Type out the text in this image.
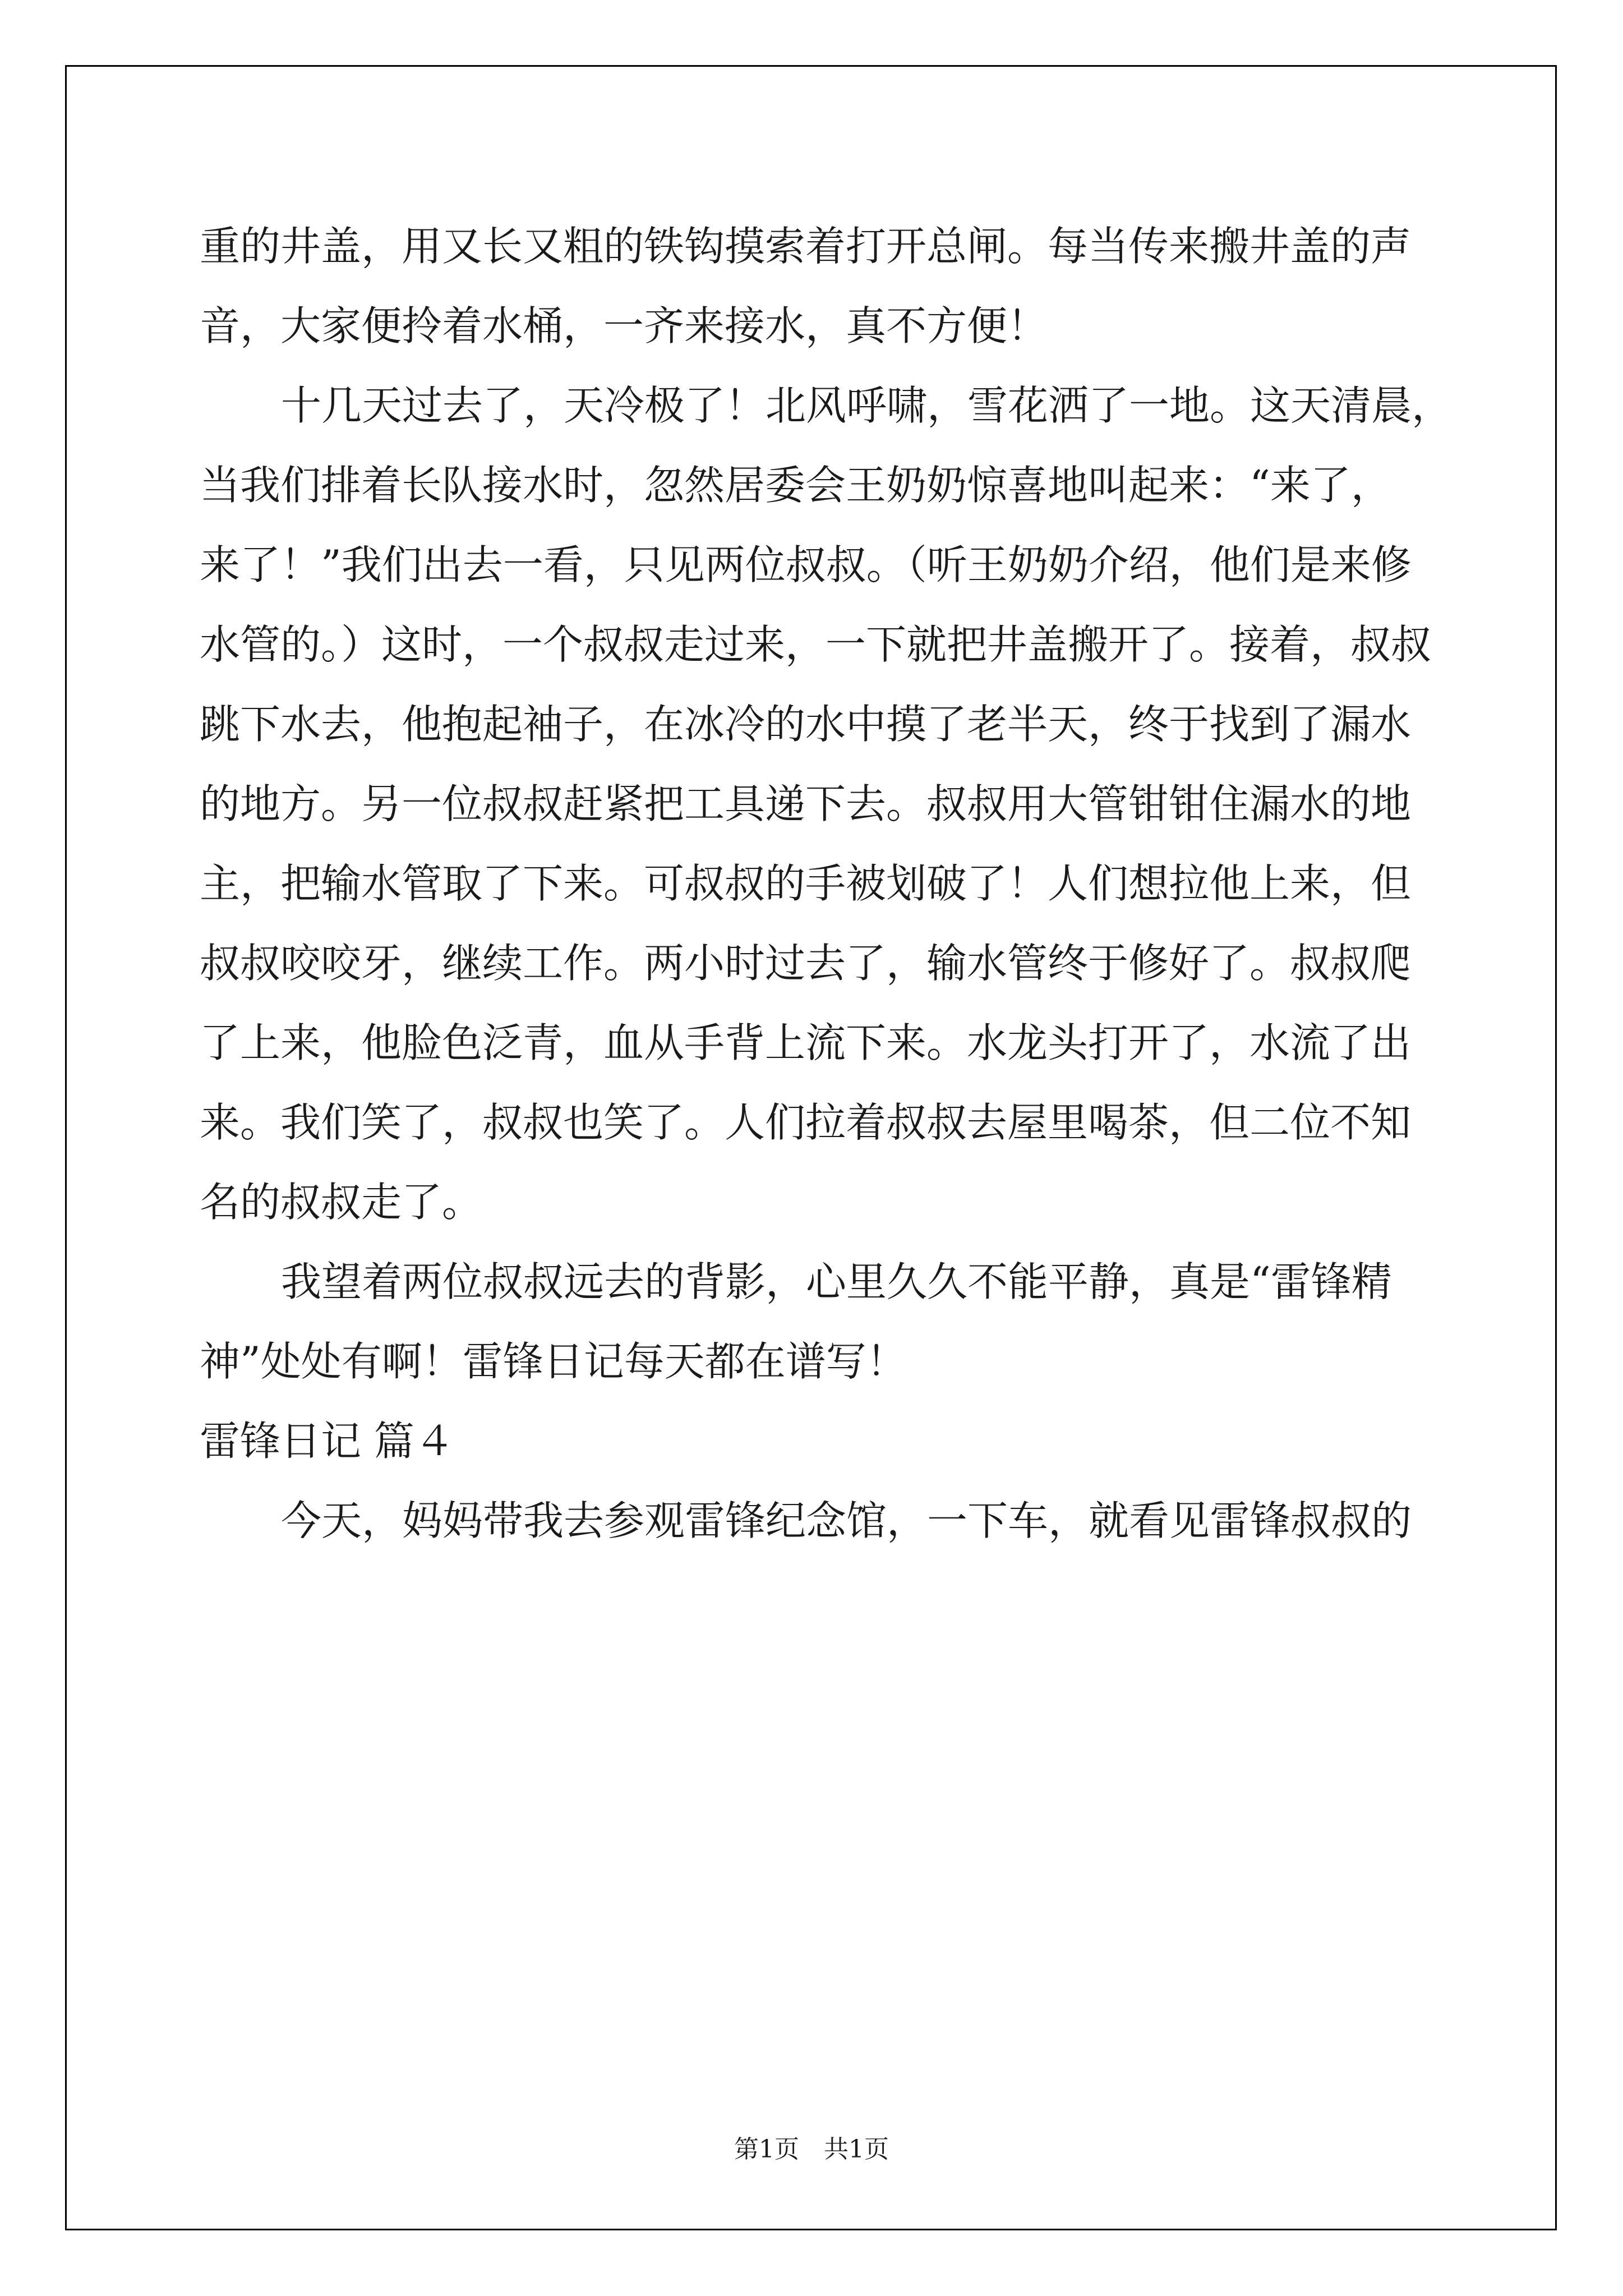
重的井盖，用又长又粗的铁钩摸索着打开总闸。每当传来搬井盖的声
音，大家便拎着水桶，一齐来接水，真不方便！
十几天过去了，天冷极了！北风呼啸，雪花洒了一地。这天清晨，
当我们排着长队接水时，忽然居委会王奶奶惊喜地叫起来：“来了，
来了！”我们出去一看，只见两位叔叔。（听王奶奶介绍，他们是来修
水管的。）这时，一个叔叔走过来，一下就把井盖搬开了。接着，叔叔
跳下水去，他抱起袖子，在冰冷的水中摸了老半天，终于找到了漏水
的地方。另一位叔叔赶紧把工具递下去。叔叔用大管钳钳住漏水的地
主，把输水管取了下来。可叔叔的手被划破了！人们想拉他上来，但
叔叔咬咬牙，继续工作。两小时过去了，输水管终于修好了。叔叔爬
了上来，他脸色泛青，血从手背上流下来。水龙头打开了，水流了出
来。我们笑了，叔叔也笑了。人们拉着叔叔去屋里喝茶，但二位不知
名的叔叔走了。
我望着两位叔叔远去的背影，心里久久不能平静，真是“雷锋精
神”处处有啊！雷锋日记每天都在谱写！
雷锋日记 篇４
今天，妈妈带我去参观雷锋纪念馆，一下车，就看见雷锋叔叔的
第1页　共1页
